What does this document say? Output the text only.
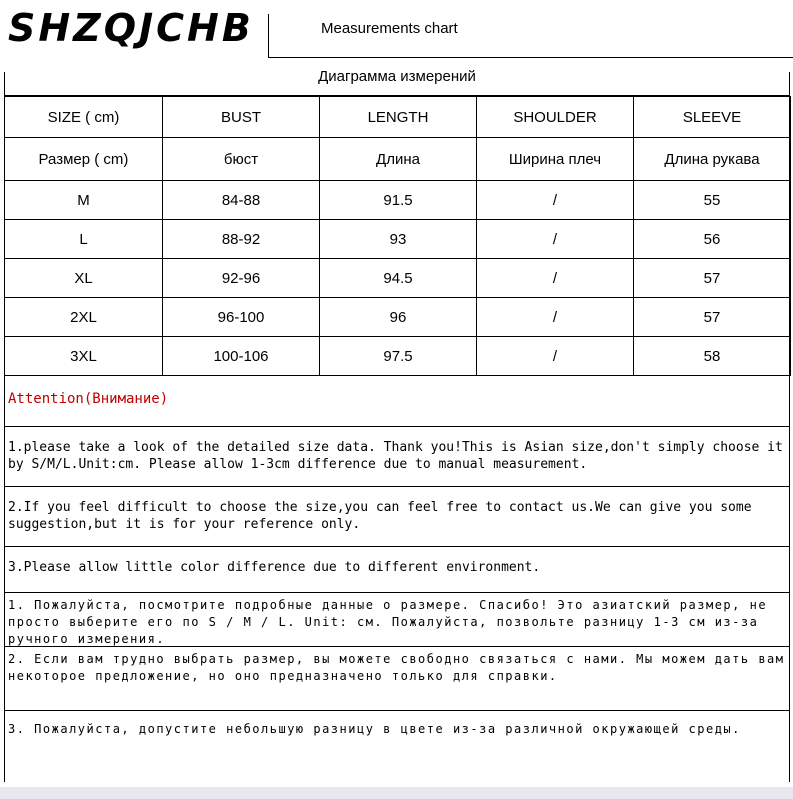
SHZQJCHB	Measurements chart
Диаграмма измерений
SIZE ( cm)	BUST	LENGTH	SHOULDER	SLEEVE
Размер ( cm)	бюст	Длина	Ширина плеч	Длина рукава
M	84-88	91.5	/	55
L	88-92	93	/	56
XL	92-96	94.5	/	57
2XL	96-100	96	/	57
3XL	100-106	97.5	/	58
Attention(Внимание)
1.please take a look of the detailed size data. Thank you!This is Asian size,don't simply choose it by S/M/L.Unit:cm. Please allow 1-3cm difference due to manual measurement.
2.If you feel difficult to choose the size,you can feel free to contact us.We can give you some suggestion,but it is for your reference only.
3.Please allow little color difference due to different environment.
1. Пожалуйста, посмотрите подробные данные о размере. Спасибо! Это азиатский размер, не просто выберите его по S / M / L. Unit: см. Пожалуйста, позвольте разницу 1-3 см из-за ручного измерения.
2. Если вам трудно выбрать размер, вы можете свободно связаться с нами. Мы можем дать вам некоторое предложение, но оно предназначено только для справки.
3. Пожалуйста, допустите небольшую разницу в цвете из-за различной окружающей среды.
